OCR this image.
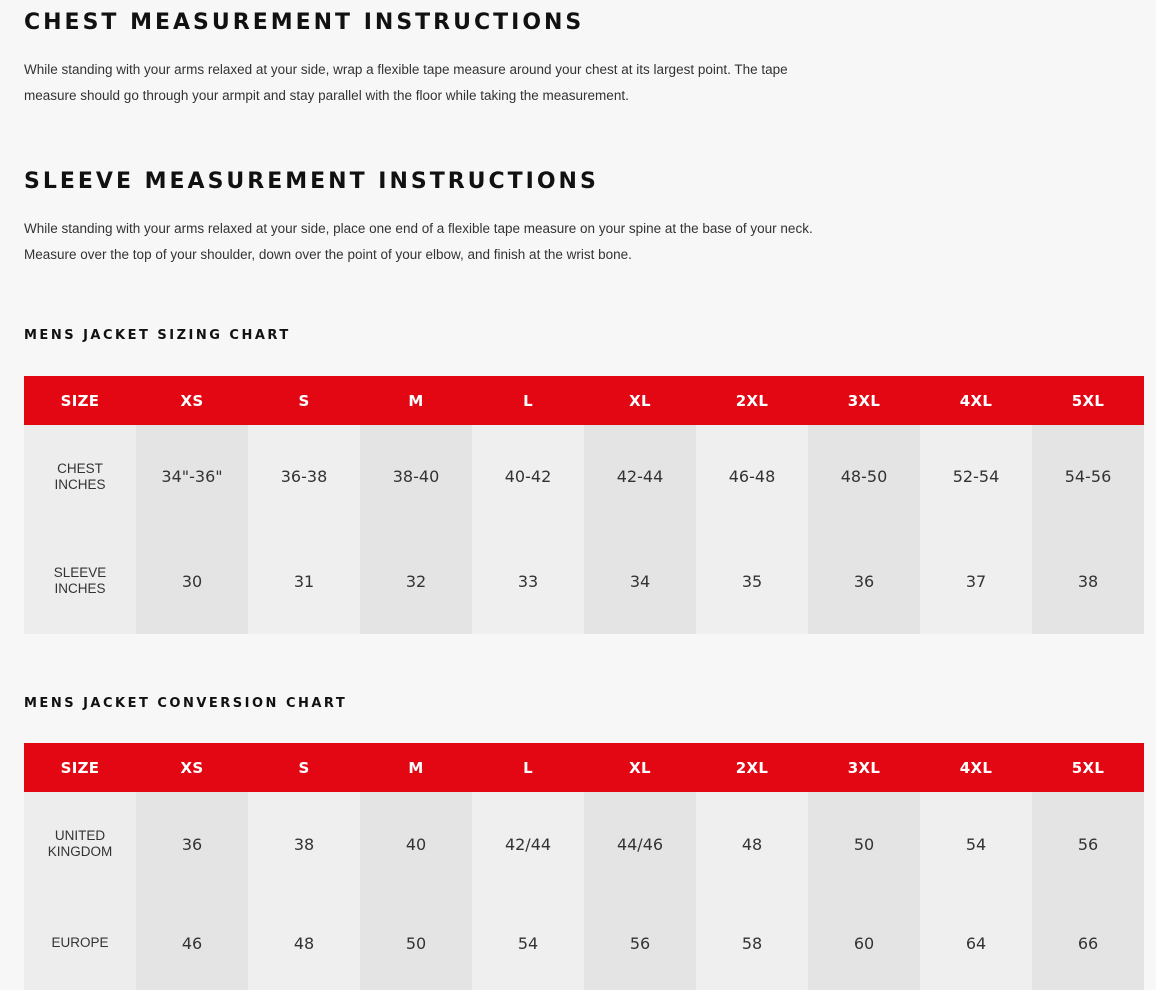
CHEST MEASUREMENT INSTRUCTIONS

While standing with your arms relaxed at your side, wrap a flexible tape measure around your chest at its largest point. The tape measure should go through your armpit and stay parallel with the floor while taking the measurement.

SLEEVE MEASUREMENT INSTRUCTIONS

While standing with your arms relaxed at your side, place one end of a flexible tape measure on your spine at the base of your neck. Measure over the top of your shoulder, down over the point of your elbow, and finish at the wrist bone.

MENS JACKET SIZING CHART
SIZE	XS	S	M	L	XL	2XL	3XL	4XL	5XL
CHEST INCHES	34"-36"	36-38	38-40	40-42	42-44	46-48	48-50	52-54	54-56
SLEEVE INCHES	30	31	32	33	34	35	36	37	38
MENS JACKET CONVERSION CHART
SIZE	XS	S	M	L	XL	2XL	3XL	4XL	5XL
UNITED KINGDOM	36	38	40	42/44	44/46	48	50	54	56
EUROPE	46	48	50	54	56	58	60	64	66
